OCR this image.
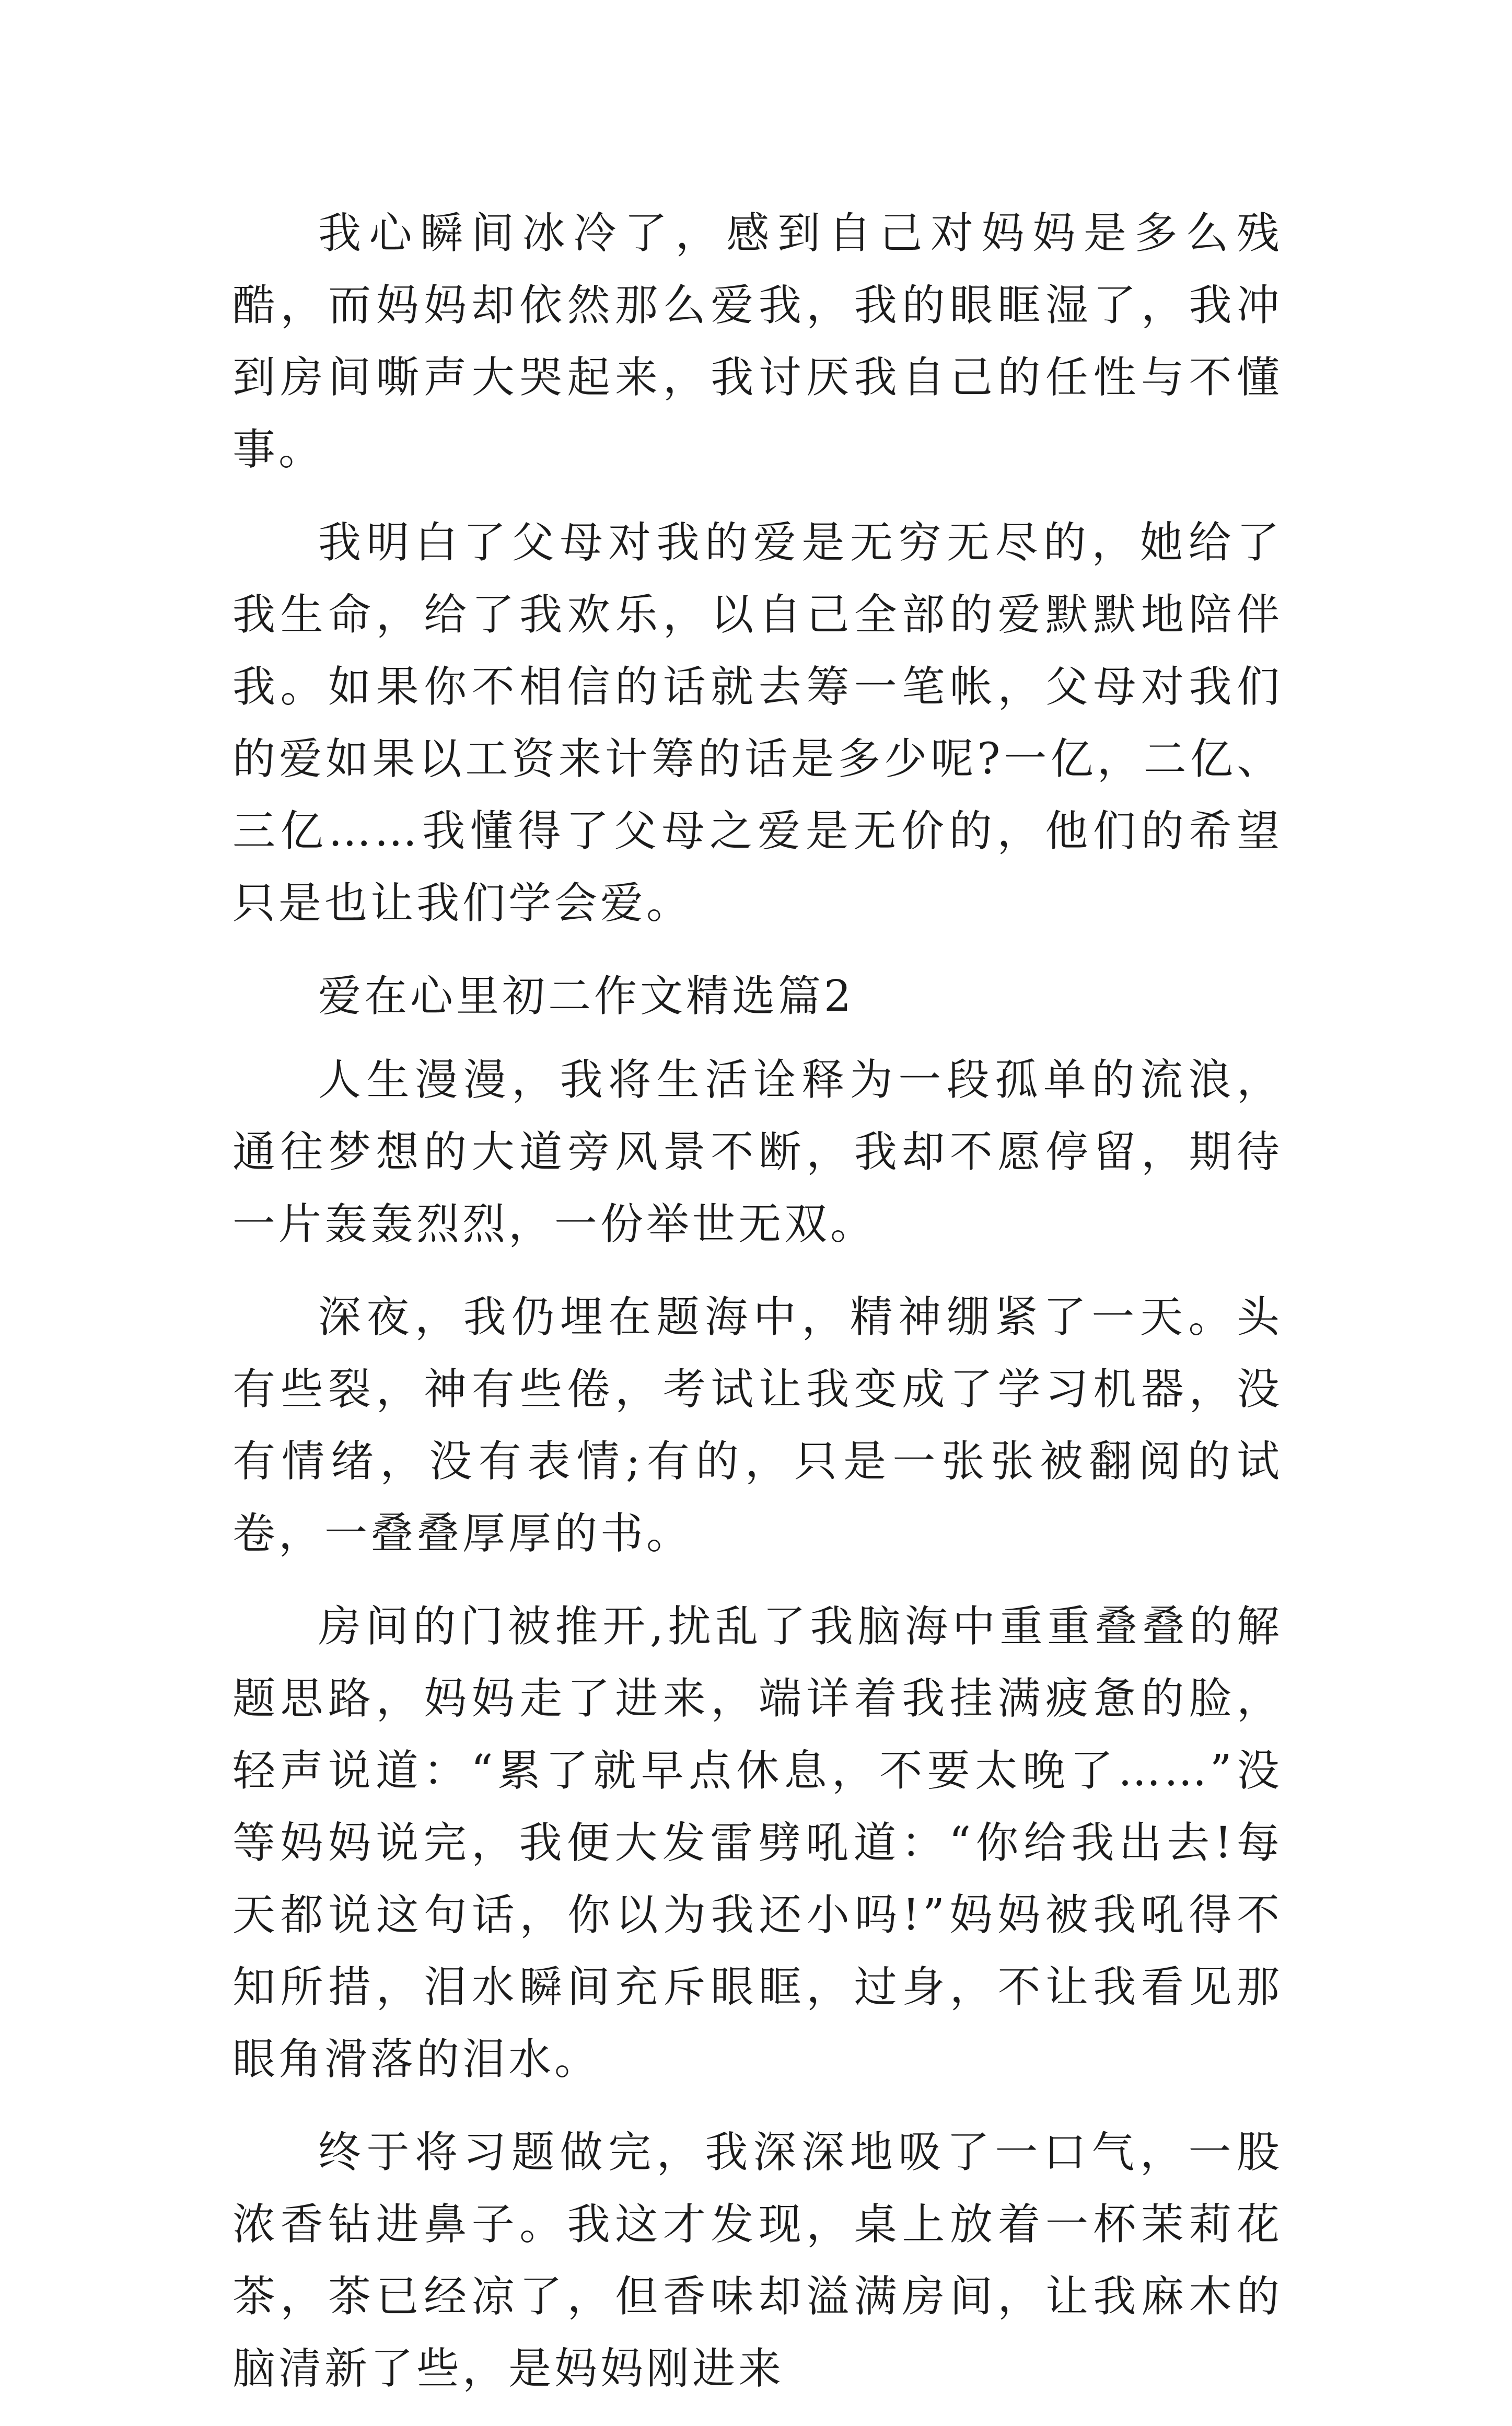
我心瞬间冰冷了，感到自己对妈妈是多么残酷，而妈妈却依然那么爱我，我的眼眶湿了，我冲到房间嘶声大哭起来，我讨厌我自己的任性与不懂事。

我明白了父母对我的爱是无穷无尽的，她给了我生命，给了我欢乐，以自己全部的爱默默地陪伴我。如果你不相信的话就去筹一笔帐，父母对我们的爱如果以工资来计筹的话是多少呢?一亿，二亿、三亿……我懂得了父母之爱是无价的，他们的希望只是也让我们学会爱。

爱在心里初二作文精选篇2

人生漫漫，我将生活诠释为一段孤单的流浪，通往梦想的大道旁风景不断，我却不愿停留，期待一片轰轰烈烈，一份举世无双。

深夜，我仍埋在题海中，精神绷紧了一天。头有些裂，神有些倦，考试让我变成了学习机器，没有情绪，没有表情;有的，只是一张张被翻阅的试卷，一叠叠厚厚的书。

房间的门被推开,扰乱了我脑海中重重叠叠的解题思路，妈妈走了进来，端详着我挂满疲惫的脸，轻声说道：“累了就早点休息，不要太晚了……”没等妈妈说完，我便大发雷劈吼道：“你给我出去!每天都说这句话，你以为我还小吗!”妈妈被我吼得不知所措，泪水瞬间充斥眼眶，过身，不让我看见那眼角滑落的泪水。

终于将习题做完，我深深地吸了一口气，一股浓香钻进鼻子。我这才发现，桌上放着一杯茉莉花茶，茶已经凉了，但香味却溢满房间，让我麻木的脑清新了些，是妈妈刚进来
